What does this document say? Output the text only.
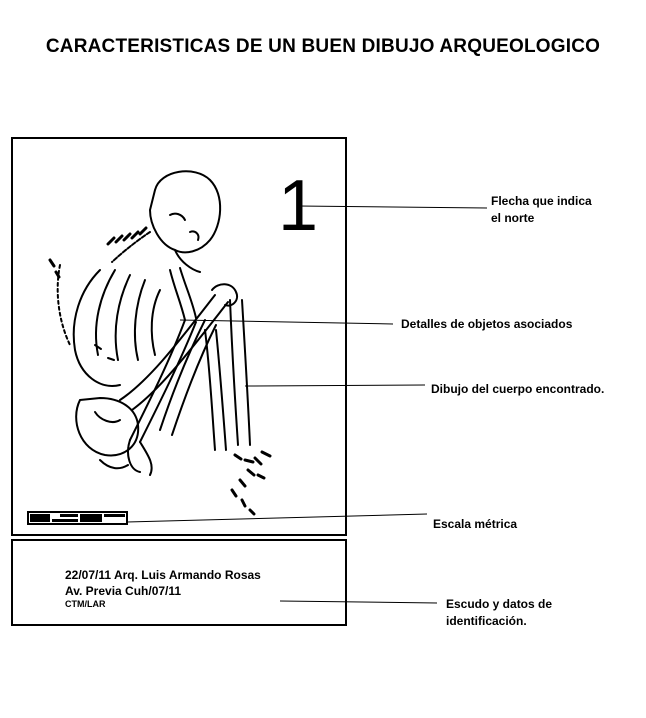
CARACTERISTICAS DE UN BUEN DIBUJO ARQUEOLOGICO
1
22/07/11 Arq. Luis Armando Rosas
Av. Previa Cuh/07/11
CTM/LAR
Flecha que indica
el norte
Detalles de objetos asociados
Dibujo del cuerpo encontrado.
Escala métrica
Escudo y datos de
identificación.
